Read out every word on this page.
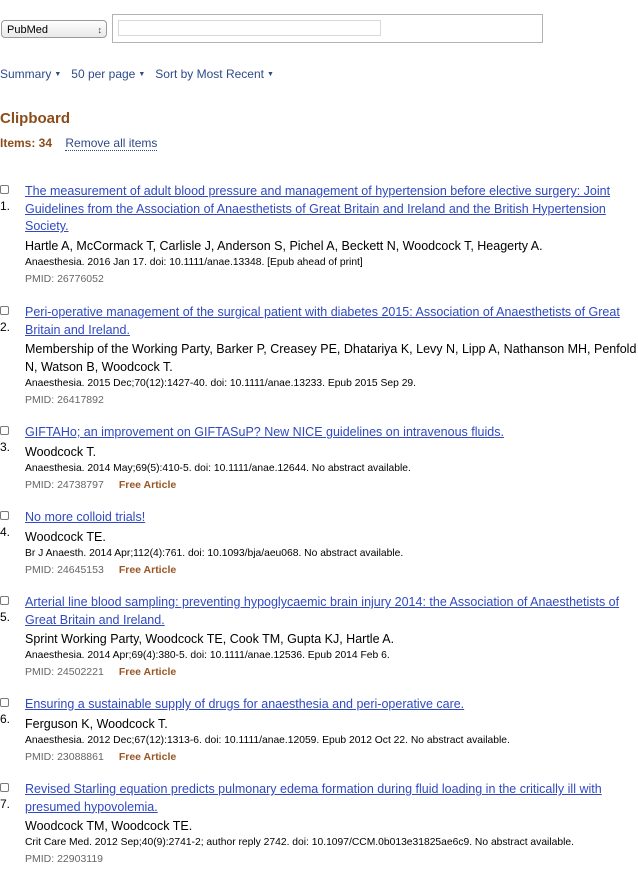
PubMed	↕
Summary ▼ 50 per page ▼ Sort by Most Recent ▼
Clipboard
Items: 34 Remove all items
1.
The measurement of adult blood pressure and management of hypertension before elective surgery: Joint Guidelines from the Association of Anaesthetists of Great Britain and Ireland and the British Hypertension Society.
Hartle A, McCormack T, Carlisle J, Anderson S, Pichel A, Beckett N, Woodcock T, Heagerty A.
Anaesthesia. 2016 Jan 17. doi: 10.1111/anae.13348. [Epub ahead of print]
PMID: 26776052
2.
Peri-operative management of the surgical patient with diabetes 2015: Association of Anaesthetists of Great Britain and Ireland.
Membership of the Working Party, Barker P, Creasey PE, Dhatariya K, Levy N, Lipp A, Nathanson MH, Penfold N, Watson B, Woodcock T.
Anaesthesia. 2015 Dec;70(12):1427-40. doi: 10.1111/anae.13233. Epub 2015 Sep 29.
PMID: 26417892
3.
GIFTAHo; an improvement on GIFTASuP? New NICE guidelines on intravenous fluids.
Woodcock T.
Anaesthesia. 2014 May;69(5):410-5. doi: 10.1111/anae.12644. No abstract available.
PMID: 24738797 Free Article
4.
No more colloid trials!
Woodcock TE.
Br J Anaesth. 2014 Apr;112(4):761. doi: 10.1093/bja/aeu068. No abstract available.
PMID: 24645153 Free Article
5.
Arterial line blood sampling: preventing hypoglycaemic brain injury 2014: the Association of Anaesthetists of Great Britain and Ireland.
Sprint Working Party, Woodcock TE, Cook TM, Gupta KJ, Hartle A.
Anaesthesia. 2014 Apr;69(4):380-5. doi: 10.1111/anae.12536. Epub 2014 Feb 6.
PMID: 24502221 Free Article
6.
Ensuring a sustainable supply of drugs for anaesthesia and peri-operative care.
Ferguson K, Woodcock T.
Anaesthesia. 2012 Dec;67(12):1313-6. doi: 10.1111/anae.12059. Epub 2012 Oct 22. No abstract available.
PMID: 23088861 Free Article
7.
Revised Starling equation predicts pulmonary edema formation during fluid loading in the critically ill with presumed hypovolemia.
Woodcock TM, Woodcock TE.
Crit Care Med. 2012 Sep;40(9):2741-2; author reply 2742. doi: 10.1097/CCM.0b013e31825ae6c9. No abstract available.
PMID: 22903119
